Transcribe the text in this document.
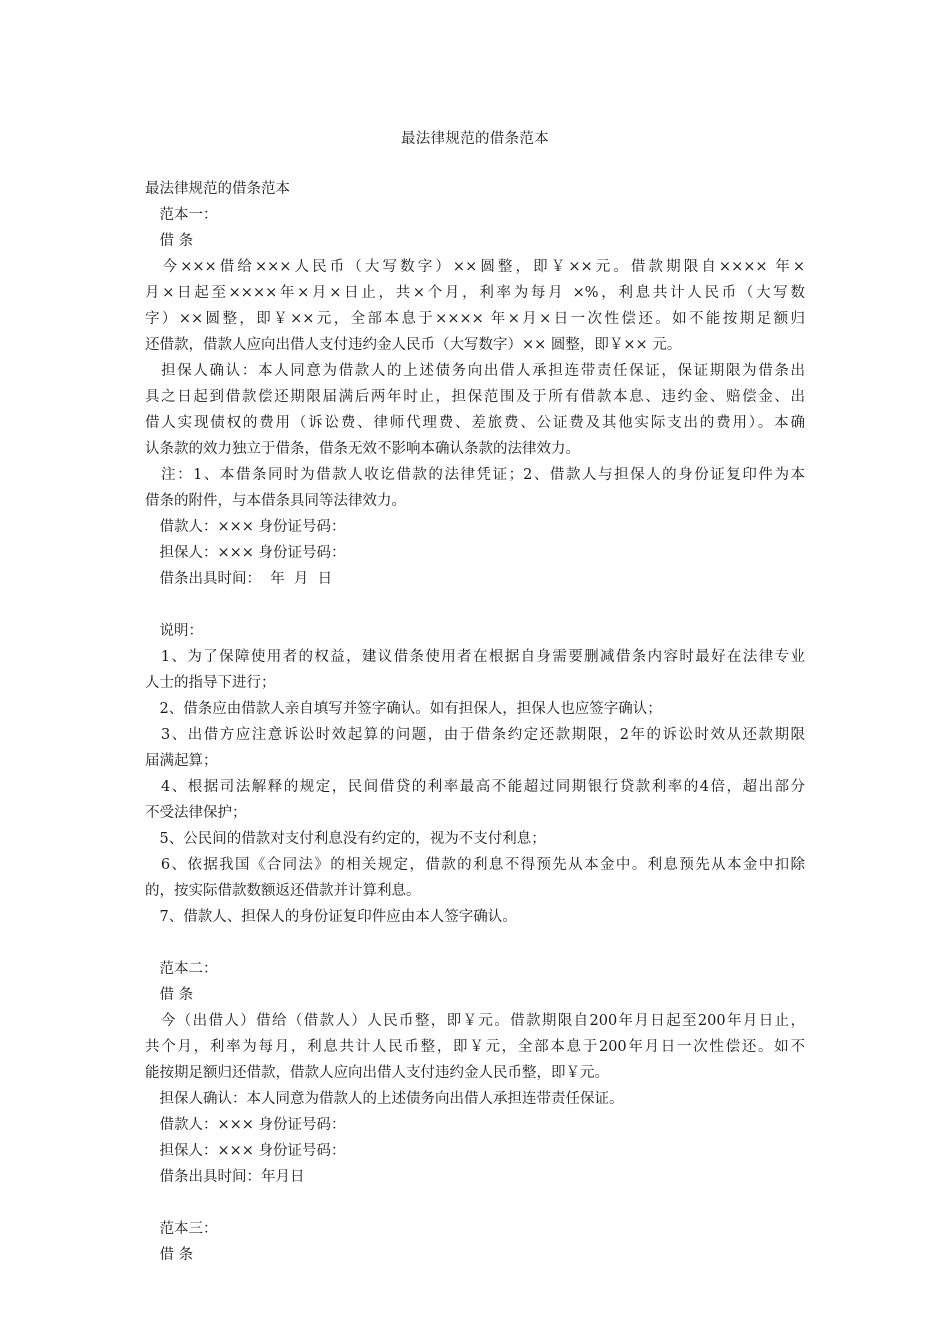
最法律规范的借条范本
最法律规范的借条范本
　范本一：
　借 条
　今×××借给×××人民币（大写数字）××圆整，即￥××元。借款期限自×××× 年×
月×日起至××××年×月×日止，共×个月，利率为每月 ×%，利息共计人民币（大写数
字）××圆整，即￥××元，全部本息于×××× 年×月×日一次性偿还。如不能按期足额归
还借款，借款人应向出借人支付违约金人民币（大写数字）×× 圆整，即￥×× 元。
　担保人确认：本人同意为借款人的上述债务向出借人承担连带责任保证，保证期限为借条出
具之日起到借款偿还期限届满后两年时止，担保范围及于所有借款本息、违约金、赔偿金、出
借人实现债权的费用（诉讼费、律师代理费、差旅费、公证费及其他实际支出的费用）。本确
认条款的效力独立于借条，借条无效不影响本确认条款的法律效力。
　注：1、本借条同时为借款人收讫借款的法律凭证；2、借款人与担保人的身份证复印件为本
借条的附件，与本借条具同等法律效力。
　借款人：××× 身份证号码：
　担保人：××× 身份证号码：
　借条出具时间：  年  月  日
　说明：
　1、为了保障使用者的权益，建议借条使用者在根据自身需要删减借条内容时最好在法律专业
人士的指导下进行；
　2、借条应由借款人亲自填写并签字确认。如有担保人，担保人也应签字确认；
　3、出借方应注意诉讼时效起算的问题，由于借条约定还款期限，2年的诉讼时效从还款期限
届满起算；
　4、根据司法解释的规定，民间借贷的利率最高不能超过同期银行贷款利率的4倍，超出部分
不受法律保护；
　5、公民间的借款对支付利息没有约定的，视为不支付利息；
　6、依据我国《合同法》的相关规定，借款的利息不得预先从本金中。利息预先从本金中扣除
的，按实际借款数额返还借款并计算利息。
　7、借款人、担保人的身份证复印件应由本人签字确认。
　范本二：
　借 条
　今（出借人）借给（借款人）人民币整，即￥元。借款期限自200年月日起至200年月日止，
共个月，利率为每月，利息共计人民币整，即￥元，全部本息于200年月日一次性偿还。如不
能按期足额归还借款，借款人应向出借人支付违约金人民币整，即￥元。
　担保人确认：本人同意为借款人的上述债务向出借人承担连带责任保证。
　借款人：××× 身份证号码：
　担保人：××× 身份证号码：
　借条出具时间：年月日
　范本三：
　借 条
